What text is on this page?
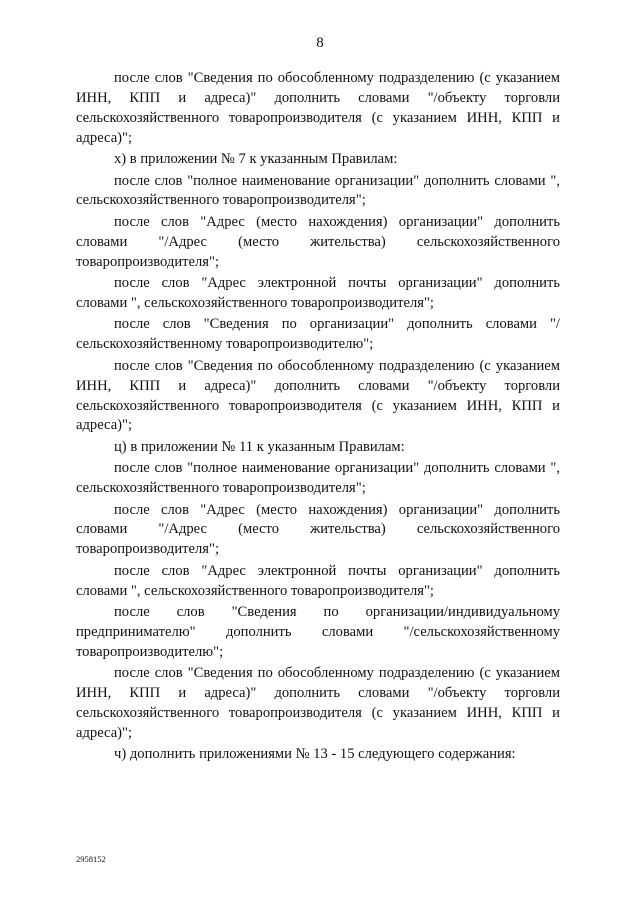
8

после слов "Сведения по обособленному подразделению (с указанием ИНН, КПП и адреса)" дополнить словами "/объекту торговли сельскохозяйственного товаропроизводителя (с указанием ИНН, КПП и адреса)";

х) в приложении № 7 к указанным Правилам:

после слов "полное наименование организации" дополнить словами ", сельскохозяйственного товаропроизводителя";

после слов "Адрес (место нахождения) организации" дополнить словами "/Адрес (место жительства) сельскохозяйственного товаропроизводителя";

после слов "Адрес электронной почты организации" дополнить словами ", сельскохозяйственного товаропроизводителя";

после слов "Сведения по организации" дополнить словами "/сельскохозяйственному товаропроизводителю";

после слов "Сведения по обособленному подразделению (с указанием ИНН, КПП и адреса)" дополнить словами "/объекту торговли сельскохозяйственного товаропроизводителя (с указанием ИНН, КПП и адреса)";

ц) в приложении № 11 к указанным Правилам:

после слов "полное наименование организации" дополнить словами ", сельскохозяйственного товаропроизводителя";

после слов "Адрес (место нахождения) организации" дополнить словами "/Адрес (место жительства) сельскохозяйственного товаропроизводителя";

после слов "Адрес электронной почты организации" дополнить словами ", сельскохозяйственного товаропроизводителя";

после слов "Сведения по организации/индивидуальному предпринимателю" дополнить словами "/сельскохозяйственному товаропроизводителю";

после слов "Сведения по обособленному подразделению (с указанием ИНН, КПП и адреса)" дополнить словами "/объекту торговли сельскохозяйственного товаропроизводителя (с указанием ИНН, КПП и адреса)";

ч) дополнить приложениями № 13 - 15 следующего содержания:

2958152
